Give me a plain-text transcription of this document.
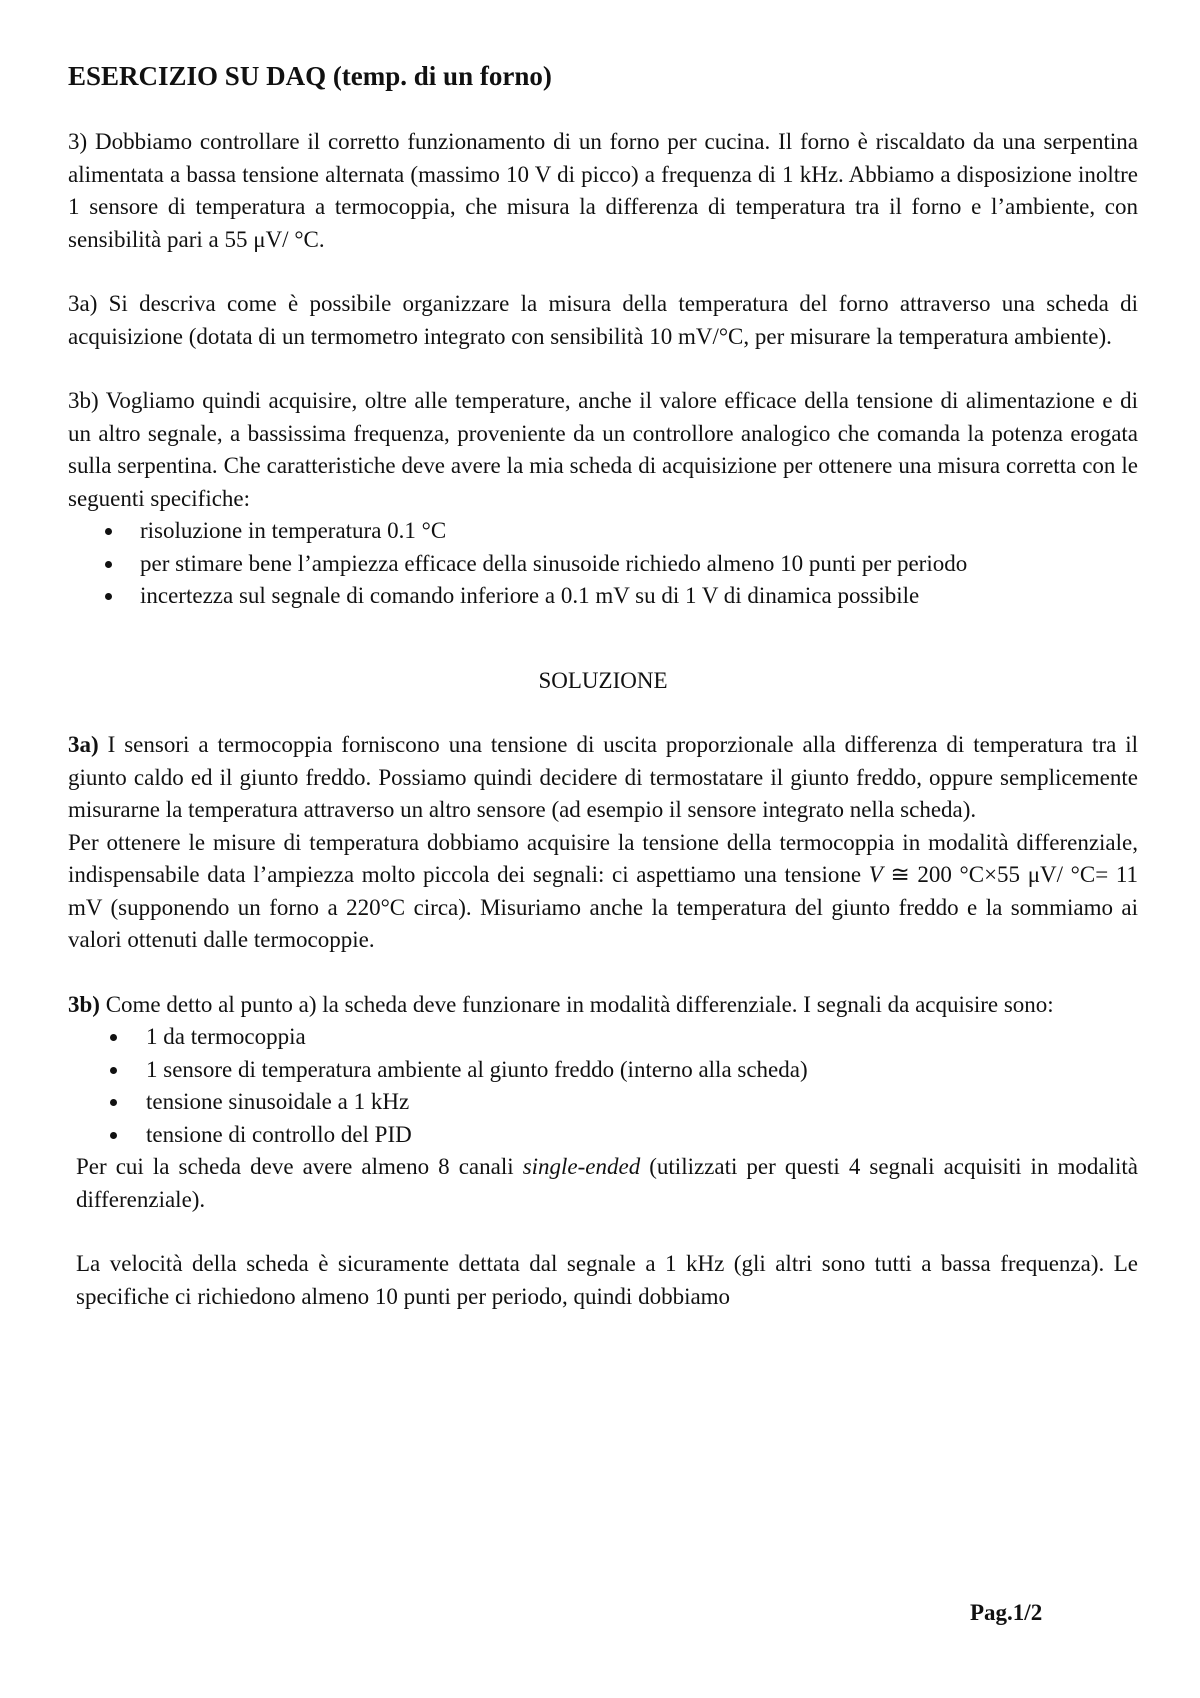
ESERCIZIO SU DAQ (temp. di un forno)

3) Dobbiamo controllare il corretto funzionamento di un forno per cucina. Il forno è riscaldato da una serpentina alimentata a bassa tensione alternata (massimo 10 V di picco) a frequenza di 1 kHz. Abbiamo a disposizione inoltre 1 sensore di temperatura a termocoppia, che misura la differenza di temperatura tra il forno e l’ambiente, con sensibilità pari a 55 μV/ °C.

3a) Si descriva come è possibile organizzare la misura della temperatura del forno attraverso una scheda di acquisizione (dotata di un termometro integrato con sensibilità 10 mV/°C, per misurare la temperatura ambiente).

3b) Vogliamo quindi acquisire, oltre alle temperature, anche il valore efficace della tensione di alimentazione e di un altro segnale, a bassissima frequenza, proveniente da un controllore analogico che comanda la potenza erogata sulla serpentina. Che caratteristiche deve avere la mia scheda di acquisizione per ottenere una misura corretta con le seguenti specifiche:

risoluzione in temperatura 0.1 °C
per stimare bene l’ampiezza efficace della sinusoide richiedo almeno 10 punti per periodo
incertezza sul segnale di comando inferiore a 0.1 mV su di 1 V di dinamica possibile

SOLUZIONE

3a) I sensori a termocoppia forniscono una tensione di uscita proporzionale alla differenza di temperatura tra il giunto caldo ed il giunto freddo. Possiamo quindi decidere di termostatare il giunto freddo, oppure semplicemente misurarne la temperatura attraverso un altro sensore (ad esempio il sensore integrato nella scheda).

Per ottenere le misure di temperatura dobbiamo acquisire la tensione della termocoppia in modalità differenziale, indispensabile data l’ampiezza molto piccola dei segnali: ci aspettiamo una tensione V ≅ 200 °C×55 μV/ °C= 11 mV (supponendo un forno a 220°C circa). Misuriamo anche la temperatura del giunto freddo e la sommiamo ai valori ottenuti dalle termocoppie.

3b) Come detto al punto a) la scheda deve funzionare in modalità differenziale. I segnali da acquisire sono:

1 da termocoppia
1 sensore di temperatura ambiente al giunto freddo (interno alla scheda)
tensione sinusoidale a 1 kHz
tensione di controllo del PID

Per cui la scheda deve avere almeno 8 canali single-ended (utilizzati per questi 4 segnali acquisiti in modalità differenziale).

La velocità della scheda è sicuramente dettata dal segnale a 1 kHz (gli altri sono tutti a bassa frequenza). Le specifiche ci richiedono almeno 10 punti per periodo, quindi dobbiamo

Pag.1/2
